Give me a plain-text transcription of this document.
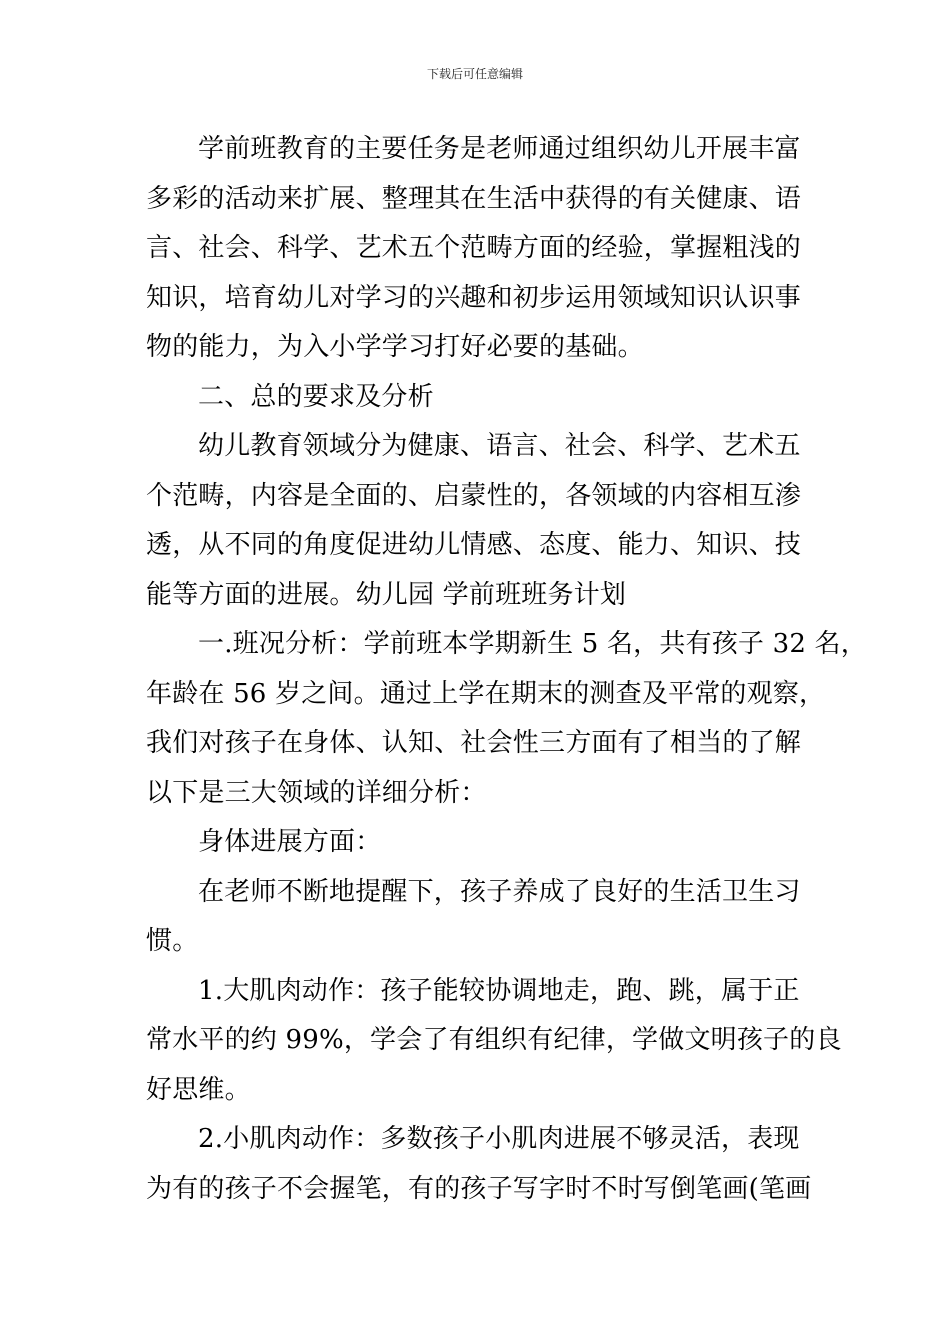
下载后可任意编辑
学前班教育的主要任务是老师通过组织幼儿开展丰富
多彩的活动来扩展、整理其在生活中获得的有关健康、语
言、社会、科学、艺术五个范畴方面的经验，掌握粗浅的
知识，培育幼儿对学习的兴趣和初步运用领域知识认识事
物的能力，为入小学学习打好必要的基础。
二、总的要求及分析
幼儿教育领域分为健康、语言、社会、科学、艺术五
个范畴，内容是全面的、启蒙性的，各领域的内容相互渗
透，从不同的角度促进幼儿情感、态度、能力、知识、技
能等方面的进展。幼儿园 学前班班务计划
一.班况分析：学前班本学期新生 5 名，共有孩子 32 名，
年龄在 56 岁之间。通过上学在期末的测查及平常的观察，
我们对孩子在身体、认知、社会性三方面有了相当的了解
以下是三大领域的详细分析：
身体进展方面：
在老师不断地提醒下，孩子养成了良好的生活卫生习
惯。
1.大肌肉动作：孩子能较协调地走，跑、跳，属于正
常水平的约 99%，学会了有组织有纪律，学做文明孩子的良
好思维。
2.小肌肉动作：多数孩子小肌肉进展不够灵活，表现
为有的孩子不会握笔，有的孩子写字时不时写倒笔画(笔画
